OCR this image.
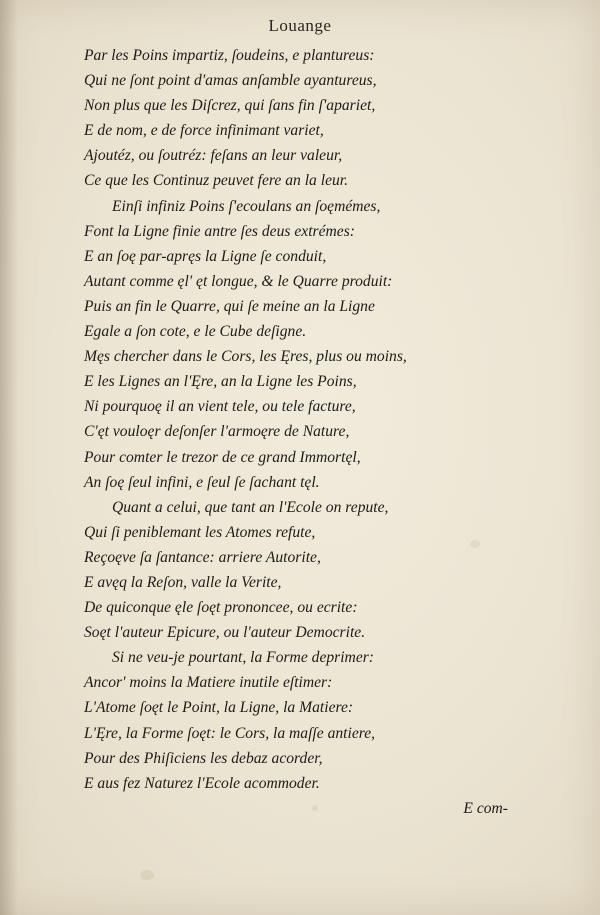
Louange
Par les Poins impartiz, ſoudeins, e plantureus:
Qui ne ſont point d'amas anſamble ayantureus,
Non plus que les Diſcrez, qui ſans fin ſ'apariet,
E de nom, e de force infinimant variet,
Ajoutéz, ou ſoutréz: feſans an leur valeur,
Ce que les Continuz peuvet fere an la leur.
Einſi infiniz Poins ſ'ecoulans an ſoęmémes,
Font la Ligne finie antre ſes deus extrémes:
E an ſoę par-apręs la Ligne ſe conduit,
Autant comme ęl' ęt longue, & le Quarre produit:
Puis an fin le Quarre, qui ſe meine an la Ligne
Egale a ſon cote, e le Cube deſigne.
Męs chercher dans le Cors, les Ęres, plus ou moins,
E les Lignes an l'Ęre, an la Ligne les Poins,
Ni pourquoę il an vient tele, ou tele facture,
C'ęt vouloęr deſonſer l'armoęre de Nature,
Pour comter le trezor de ce grand Immortęl,
An ſoę ſeul infini, e ſeul ſe ſachant tęl.
Quant a celui, que tant an l'Ecole on repute,
Qui ſi peniblemant les Atomes refute,
Reçoęve ſa ſantance: arriere Autorite,
E avęq la Reſon, valle la Verite,
De quiconque ęle ſoęt prononcee, ou ecrite:
Soęt l'auteur Epicure, ou l'auteur Democrite.
Si ne veu-je pourtant, la Forme deprimer:
Ancor' moins la Matiere inutile eſtimer:
L'Atome ſoęt le Point, la Ligne, la Matiere:
L'Ęre, la Forme ſoęt: le Cors, la maſſe antiere,
Pour des Phiſiciens les debaz acorder,
E aus fez Naturez l'Ecole acommoder.
E com-
